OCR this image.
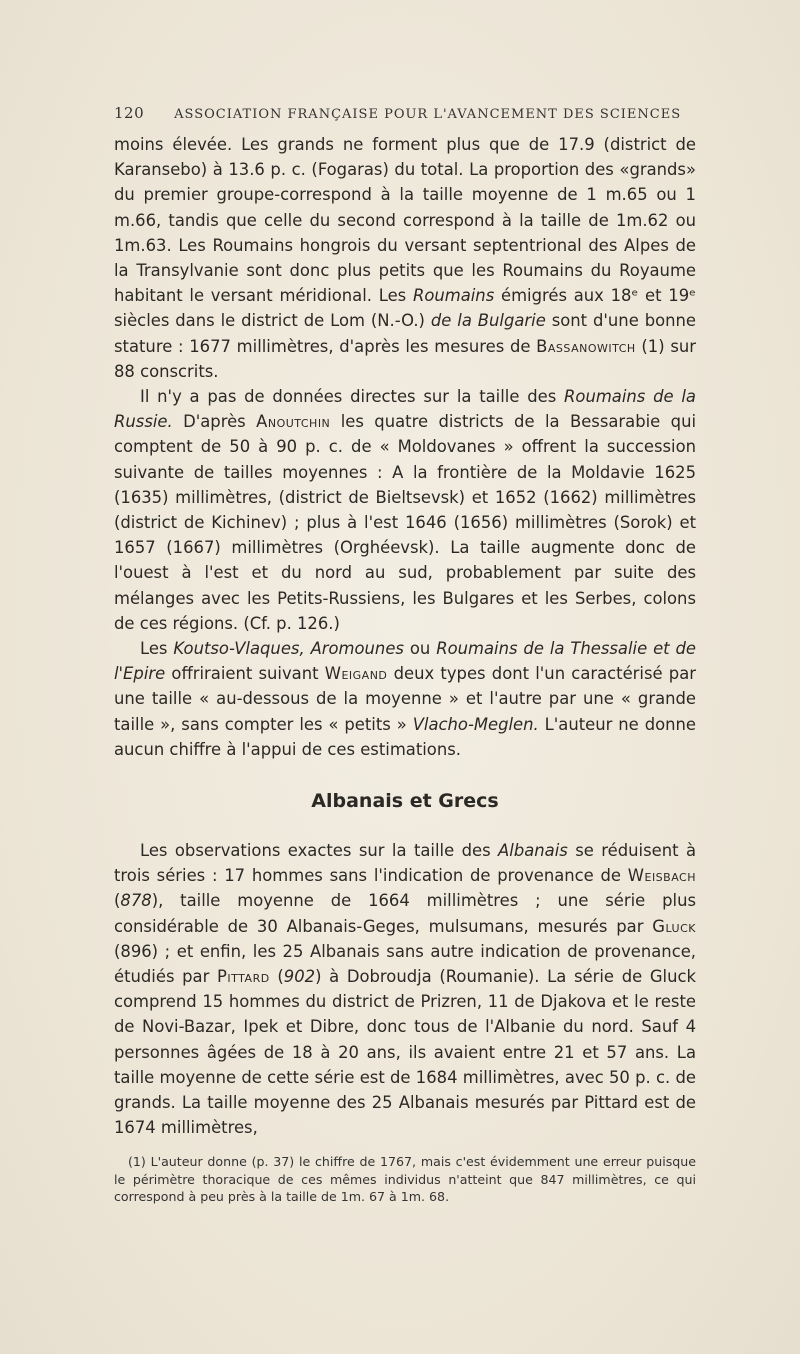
120 ASSOCIATION FRANÇAISE POUR L'AVANCEMENT DES SCIENCES

moins élevée. Les grands ne forment plus que de 17.9 (district de Karansebo) à 13.6 p. c. (Fogaras) du total. La proportion des «grands» du premier groupe-correspond à la taille moyenne de 1 m.65 ou 1 m.66, tandis que celle du second correspond à la taille de 1m.62 ou 1m.63. Les Roumains hongrois du versant septentrional des Alpes de la Transylvanie sont donc plus petits que les Roumains du Royaume habitant le versant méridional. Les Roumains émigrés aux 18ᵉ et 19ᵉ siècles dans le district de Lom (N.-O.) de la Bulgarie sont d'une bonne stature : 1677 millimètres, d'après les mesures de Bassanowitch (1) sur 88 conscrits.

Il n'y a pas de données directes sur la taille des Roumains de la Russie. D'après Anoutchin les quatre districts de la Bessarabie qui comptent de 50 à 90 p. c. de « Moldovanes » offrent la succession suivante de tailles moyennes : A la frontière de la Moldavie 1625 (1635) millimètres, (district de Bieltsevsk) et 1652 (1662) millimètres (district de Kichinev) ; plus à l'est 1646 (1656) millimètres (Sorok) et 1657 (1667) millimètres (Orghéevsk). La taille augmente donc de l'ouest à l'est et du nord au sud, probablement par suite des mélanges avec les Petits-Russiens, les Bulgares et les Serbes, colons de ces régions. (Cf. p. 126.)

Les Koutso-Vlaques, Aromounes ou Roumains de la Thessalie et de l'Epire offriraient suivant Weigand deux types dont l'un caractérisé par une taille « au-dessous de la moyenne » et l'autre par une « grande taille », sans compter les « petits » Vlacho-Meglen. L'auteur ne donne aucun chiffre à l'appui de ces estimations.

Albanais et Grecs

Les observations exactes sur la taille des Albanais se réduisent à trois séries : 17 hommes sans l'indication de provenance de Weisbach (878), taille moyenne de 1664 millimètres ; une série plus considérable de 30 Albanais-Geges, mulsumans, mesurés par Gluck (896) ; et enfin, les 25 Albanais sans autre indication de provenance, étudiés par Pittard (902) à Dobroudja (Roumanie). La série de Gluck comprend 15 hommes du district de Prizren, 11 de Djakova et le reste de Novi-Bazar, Ipek et Dibre, donc tous de l'Albanie du nord. Sauf 4 personnes âgées de 18 à 20 ans, ils avaient entre 21 et 57 ans. La taille moyenne de cette série est de 1684 millimètres, avec 50 p. c. de grands. La taille moyenne des 25 Albanais mesurés par Pittard est de 1674 millimètres,

(1) L'auteur donne (p. 37) le chiffre de 1767, mais c'est évidemment une erreur puisque le périmètre thoracique de ces mêmes individus n'atteint que 847 millimètres, ce qui correspond à peu près à la taille de 1m. 67 à 1m. 68.
